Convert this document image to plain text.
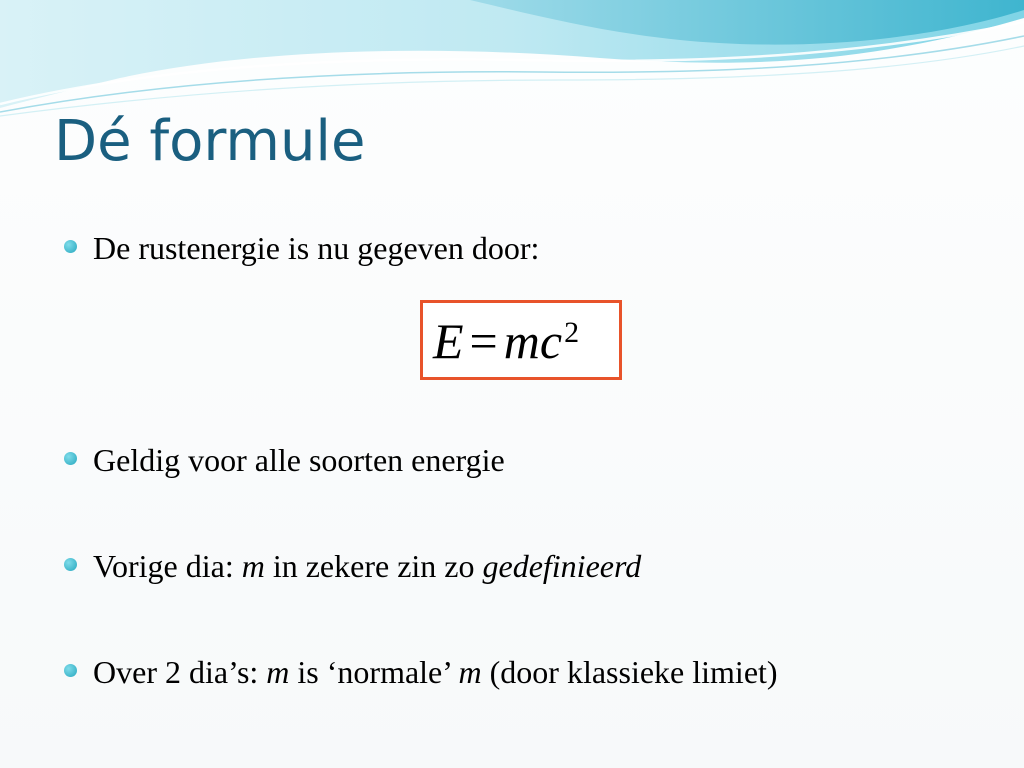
Dé formule
De rustenergie is nu gegeven door:
$E = mc^2$
Geldig voor alle soorten energie
Vorige dia: m in zekere zin zo gedefinieerd
Over 2 dia’s: m is ‘normale’ m (door klassieke limiet)
